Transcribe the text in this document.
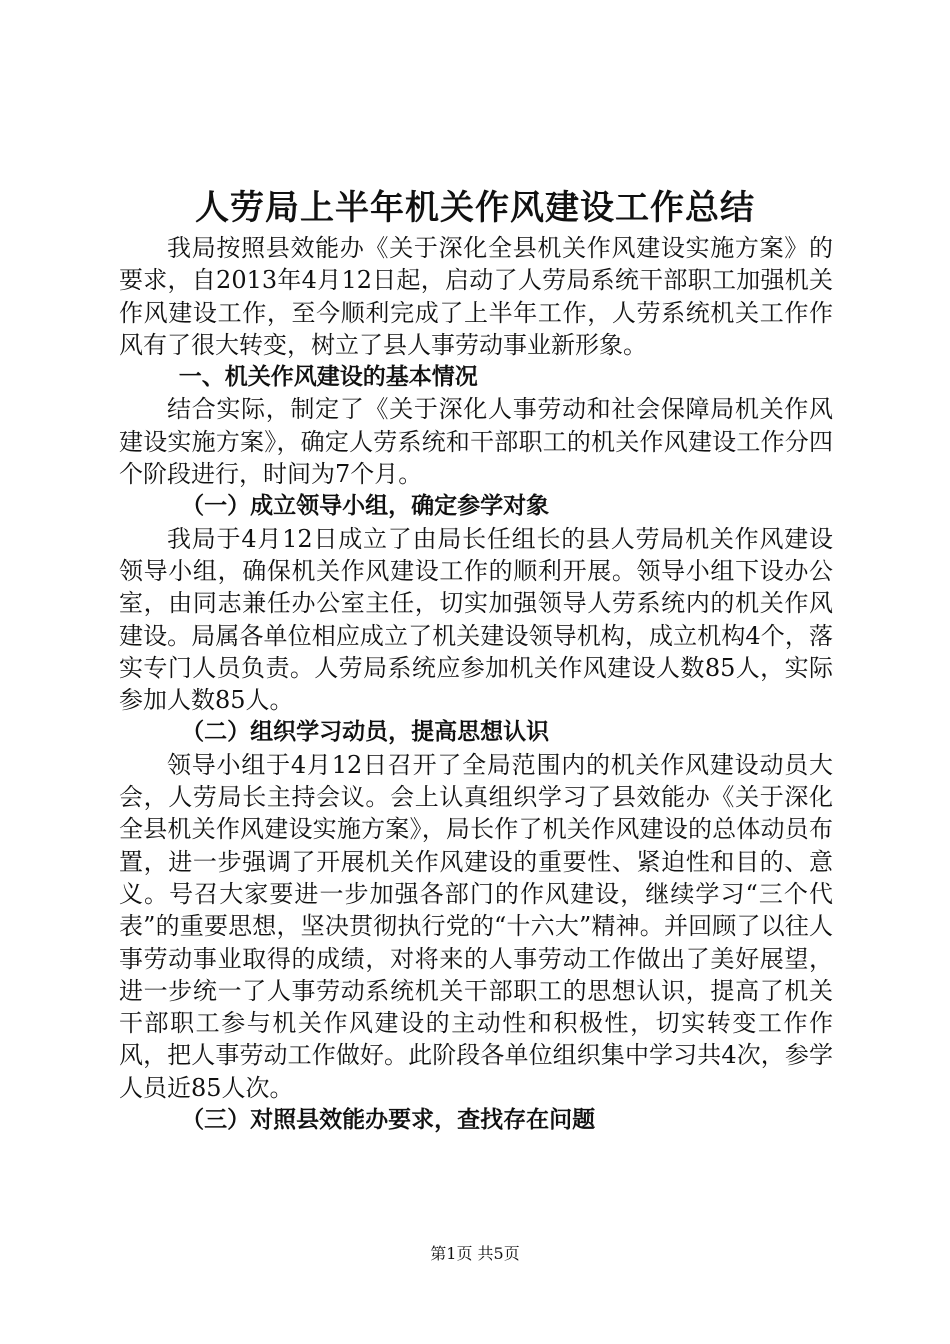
人劳局上半年机关作风建设工作总结

我局按照县效能办《关于深化全县机关作风建设实施方案》的要求，自2013年4月12日起，启动了人劳局系统干部职工加强机关作风建设工作，至今顺利完成了上半年工作，人劳系统机关工作作风有了很大转变，树立了县人事劳动事业新形象。

一、机关作风建设的基本情况

结合实际，制定了《关于深化人事劳动和社会保障局机关作风建设实施方案》，确定人劳系统和干部职工的机关作风建设工作分四个阶段进行，时间为7个月。

（一）成立领导小组，确定参学对象

我局于4月12日成立了由局长任组长的县人劳局机关作风建设领导小组，确保机关作风建设工作的顺利开展。领导小组下设办公室，由同志兼任办公室主任，切实加强领导人劳系统内的机关作风建设。局属各单位相应成立了机关建设领导机构，成立机构4个，落实专门人员负责。人劳局系统应参加机关作风建设人数85人，实际参加人数85人。

（二）组织学习动员，提高思想认识

领导小组于4月12日召开了全局范围内的机关作风建设动员大会，人劳局长主持会议。会上认真组织学习了县效能办《关于深化全县机关作风建设实施方案》，局长作了机关作风建设的总体动员布置，进一步强调了开展机关作风建设的重要性、紧迫性和目的、意义。号召大家要进一步加强各部门的作风建设，继续学习“三个代表”的重要思想，坚决贯彻执行党的“十六大”精神。并回顾了以往人事劳动事业取得的成绩，对将来的人事劳动工作做出了美好展望，进一步统一了人事劳动系统机关干部职工的思想认识，提高了机关干部职工参与机关作风建设的主动性和积极性，切实转变工作作风，把人事劳动工作做好。此阶段各单位组织集中学习共4次，参学人员近85人次。

（三）对照县效能办要求，查找存在问题

第1页 共5页
